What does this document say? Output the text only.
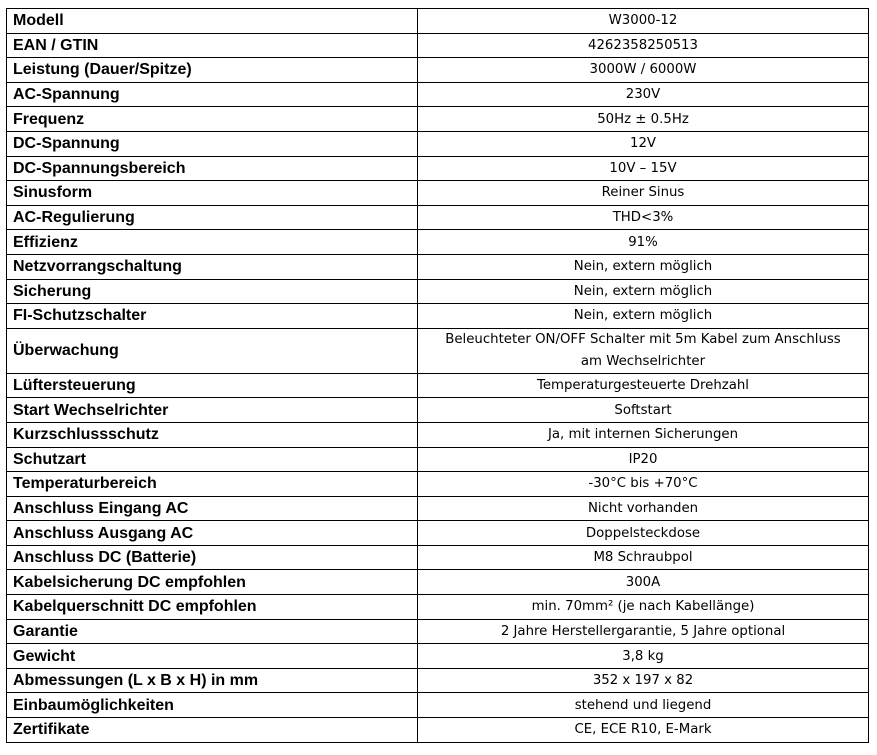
Modell	W3000-12
EAN / GTIN	4262358250513
Leistung (Dauer/Spitze)	3000W / 6000W
AC-Spannung	230V
Frequenz	50Hz ± 0.5Hz
DC-Spannung	12V
DC-Spannungsbereich	10V – 15V
Sinusform	Reiner Sinus
AC-Regulierung	THD<3%
Effizienz	91%
Netzvorrangschaltung	Nein, extern möglich
Sicherung	Nein, extern möglich
FI-Schutzschalter	Nein, extern möglich
Überwachung	Beleuchteter ON/OFF Schalter mit 5m Kabel zum Anschluss am Wechselrichter
Lüftersteuerung	Temperaturgesteuerte Drehzahl
Start Wechselrichter	Softstart
Kurzschlussschutz	Ja, mit internen Sicherungen
Schutzart	IP20
Temperaturbereich	-30°C bis +70°C
Anschluss Eingang AC	Nicht vorhanden
Anschluss Ausgang AC	Doppelsteckdose
Anschluss DC (Batterie)	M8 Schraubpol
Kabelsicherung DC empfohlen	300A
Kabelquerschnitt DC empfohlen	min. 70mm² (je nach Kabellänge)
Garantie	2 Jahre Herstellergarantie, 5 Jahre optional
Gewicht	3,8 kg
Abmessungen (L x B x H) in mm	352 x 197 x 82
Einbaumöglichkeiten	stehend und liegend
Zertifikate	CE, ECE R10, E-Mark
